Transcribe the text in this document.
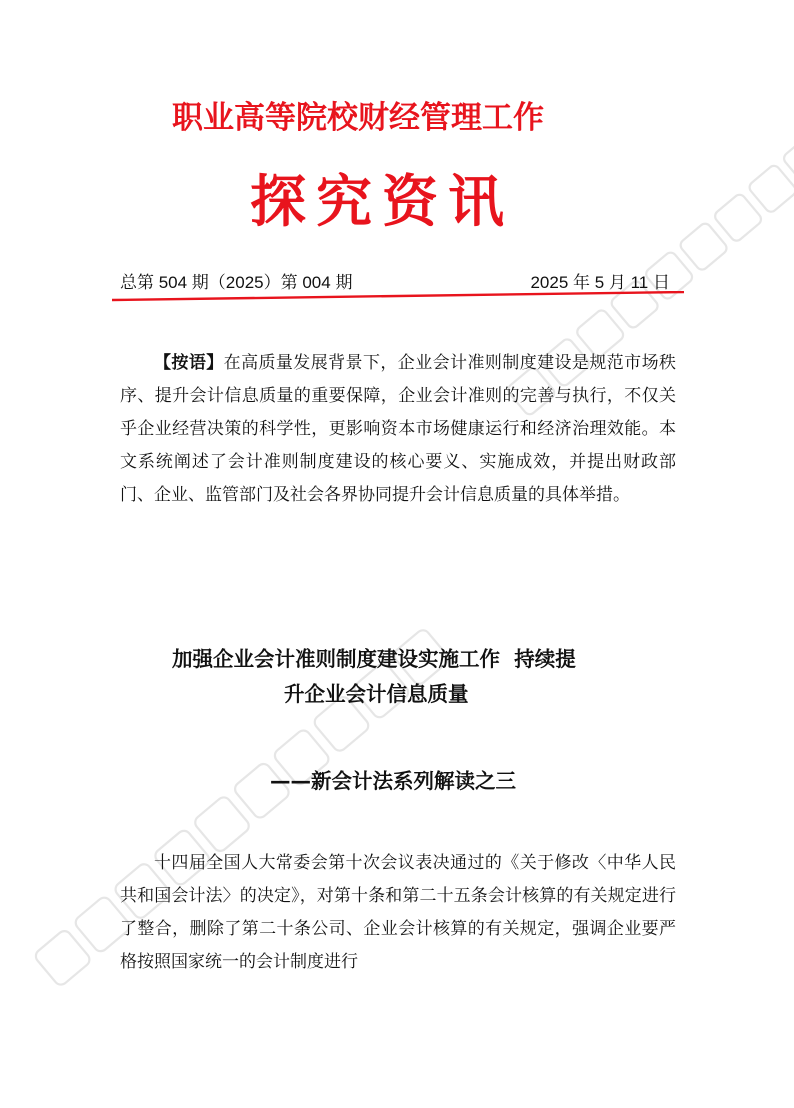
职业高等院校财经管理工作
探究资讯
总第 504 期（2025）第 004 期	2025 年 5 月 11 日
【按语】在高质量发展背景下，企业会计准则制度建设是规范市场秩序、提升会计信息质量的重要保障，企业会计准则的完善与执行，不仅关乎企业经营决策的科学性，更影响资本市场健康运行和经济治理效能。本文系统阐述了会计准则制度建设的核心要义、实施成效，并提出财政部门、企业、监管部门及社会各界协同提升会计信息质量的具体举措。
加强企业会计准则制度建设实施工作  持续提
升企业会计信息质量
——新会计法系列解读之三
十四届全国人大常委会第十次会议表决通过的《关于修改〈中华人民共和国会计法〉的决定》，对第十条和第二十五条会计核算的有关规定进行了整合，删除了第二十条公司、企业会计核算的有关规定，强调企业要严格按照国家统一的会计制度进行
